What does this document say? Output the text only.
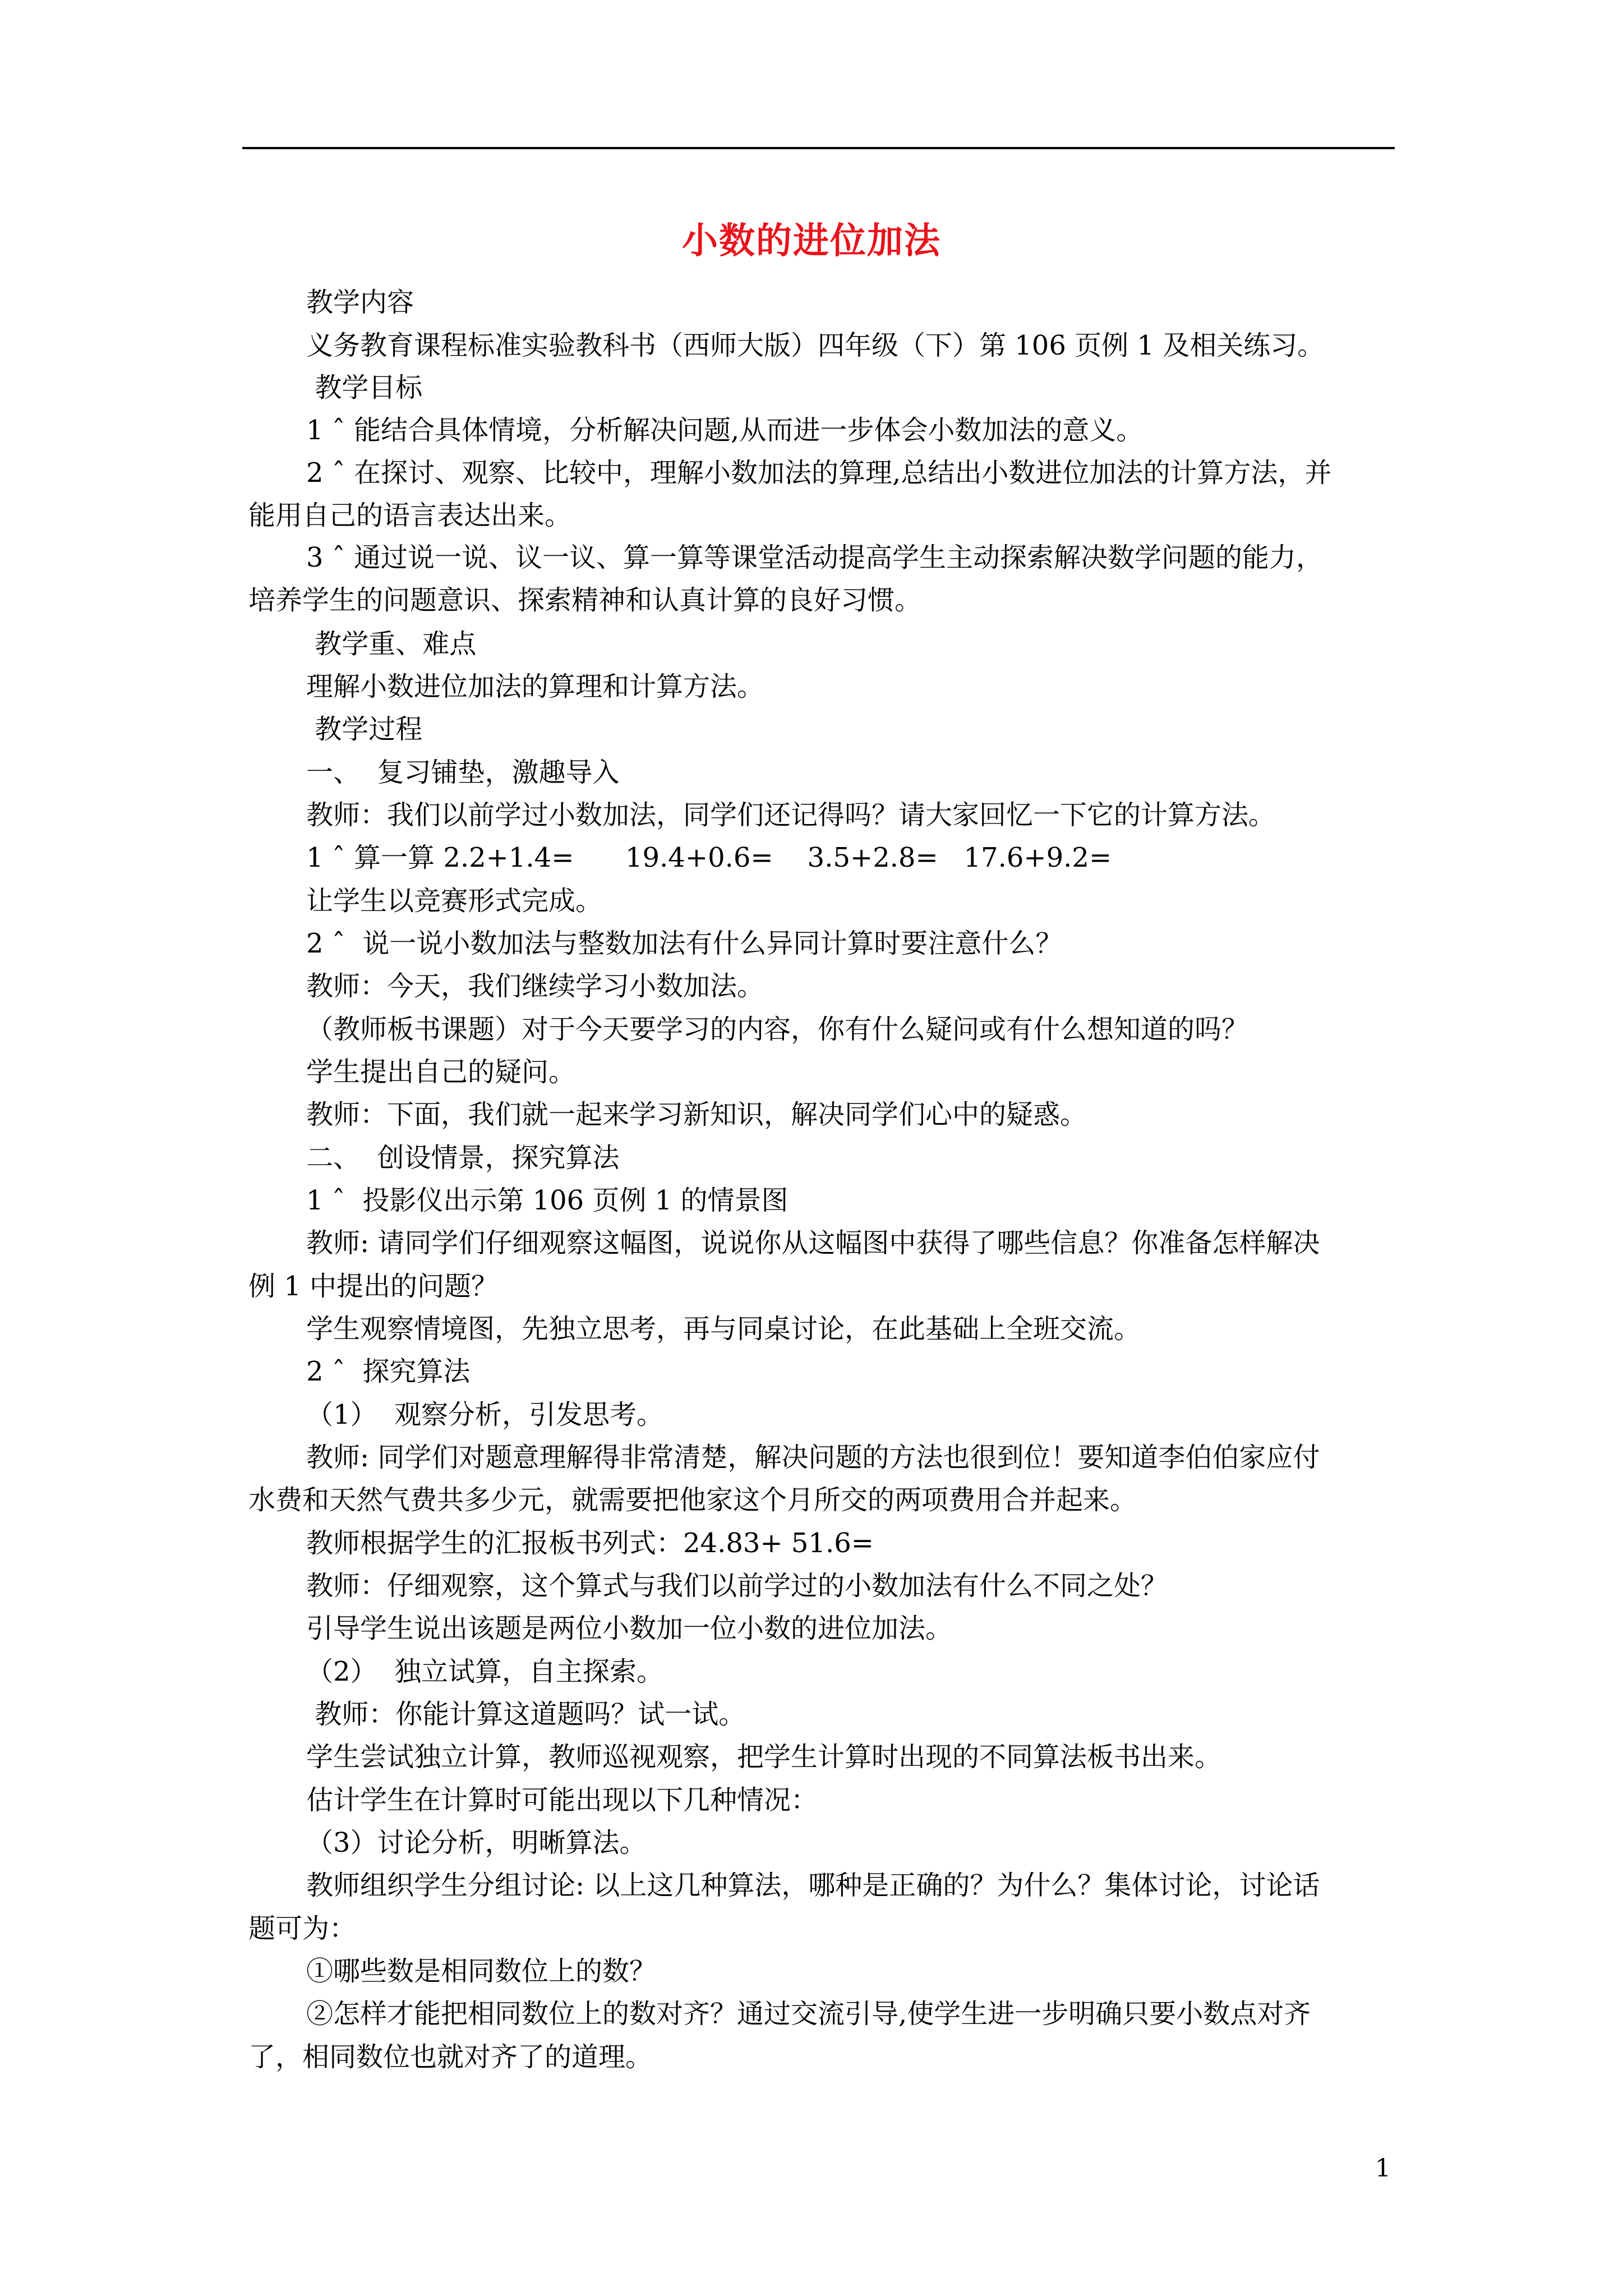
小数的进位加法
教学内容
义务教育课程标准实验教科书（西师大版）四年级（下）第 106 页例 1 及相关练习。
教学目标
1 ˆ 能结合具体情境，分析解决问题,从而进一步体会小数加法的意义。
2 ˆ 在探讨、观察、比较中，理解小数加法的算理,总结出小数进位加法的计算方法，并
能用自己的语言表达出来。
3 ˆ 通过说一说、议一议、算一算等课堂活动提高学生主动探索解决数学问题的能力，
培养学生的问题意识、探索精神和认真计算的良好习惯。
教学重、难点
理解小数进位加法的算理和计算方法。
教学过程
一、  复习铺垫，激趣导入
教师：我们以前学过小数加法，同学们还记得吗？请大家回忆一下它的计算方法。
1 ˆ 算一算 2.2+1.4=      19.4+0.6=    3.5+2.8=   17.6+9.2=
让学生以竞赛形式完成。
2 ˆ  说一说小数加法与整数加法有什么异同计算时要注意什么？
教师：今天，我们继续学习小数加法。
（教师板书课题）对于今天要学习的内容，你有什么疑问或有什么想知道的吗？
学生提出自己的疑问。
教师：下面，我们就一起来学习新知识，解决同学们心中的疑惑。
二、  创设情景，探究算法
1 ˆ  投影仪出示第 106 页例 1 的情景图
教师: 请同学们仔细观察这幅图，说说你从这幅图中获得了哪些信息？你准备怎样解决
例 1 中提出的问题？
学生观察情境图，先独立思考，再与同桌讨论，在此基础上全班交流。
2 ˆ  探究算法
（1）  观察分析，引发思考。
教师: 同学们对题意理解得非常清楚，解决问题的方法也很到位！要知道李伯伯家应付
水费和天然气费共多少元，就需要把他家这个月所交的两项费用合并起来。
教师根据学生的汇报板书列式：24.83+ 51.6=
教师：仔细观察，这个算式与我们以前学过的小数加法有什么不同之处？
引导学生说出该题是两位小数加一位小数的进位加法。
（2）  独立试算，自主探索。
教师：你能计算这道题吗？试一试。
学生尝试独立计算，教师巡视观察，把学生计算时出现的不同算法板书出来。
估计学生在计算时可能出现以下几种情况：
（3）讨论分析，明晰算法。
教师组织学生分组讨论: 以上这几种算法，哪种是正确的？为什么？集体讨论，讨论话
题可为：
①哪些数是相同数位上的数？
②怎样才能把相同数位上的数对齐？通过交流引导,使学生进一步明确只要小数点对齐
了，相同数位也就对齐了的道理。
1
